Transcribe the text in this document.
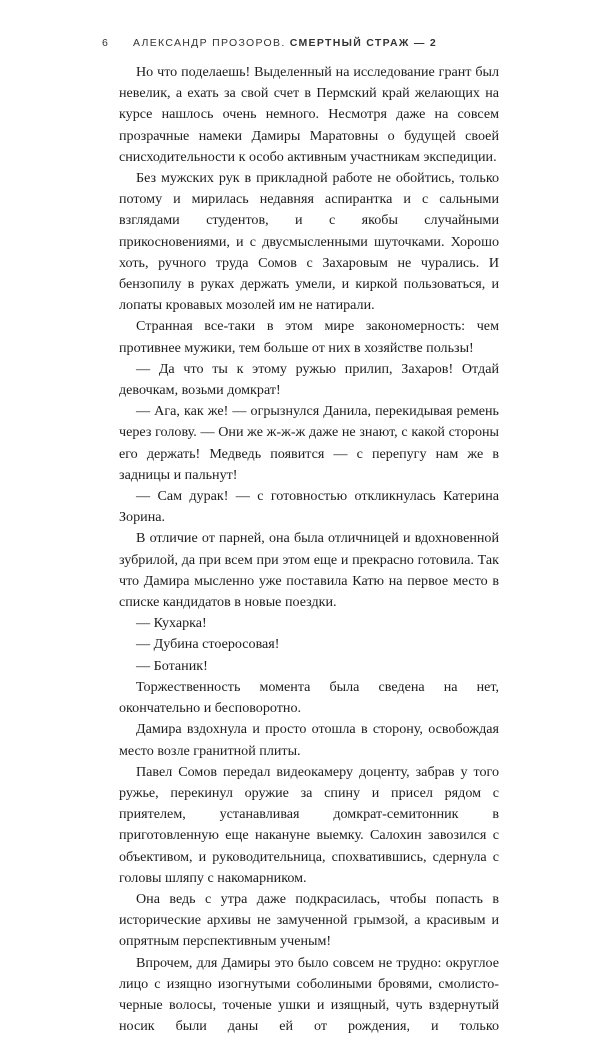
6 АЛЕКСАНДР ПРОЗОРОВ. СМЕРТНЫЙ СТРАЖ — 2

Но что поделаешь! Выделенный на исследование грант был невелик, а ехать за свой счет в Пермский край желающих на курсе нашлось очень немного. Несмотря даже на совсем прозрачные намеки Дамиры Маратовны о будущей своей снисходительности к особо активным участникам экспедиции.

Без мужских рук в прикладной работе не обойтись, только потому и мирилась недавняя аспирантка и с сальными взглядами студентов, и с якобы случайными прикосновениями, и с двусмысленными шуточками. Хорошо хоть, ручного труда Сомов с Захаровым не чурались. И бензопилу в руках держать умели, и киркой пользоваться, и лопаты кровавых мозолей им не натирали.

Странная все-таки в этом мире закономерность: чем противнее мужики, тем больше от них в хозяйстве пользы!

— Да что ты к этому ружью прилип, Захаров! Отдай девочкам, возьми домкрат!

— Ага, как же! — огрызнулся Данила, перекидывая ремень через голову. — Они же ж-ж-ж даже не знают, с какой стороны его держать! Медведь появится — с перепугу нам же в задницы и пальнут!

— Сам дурак! — с готовностью откликнулась Катерина Зорина.

В отличие от парней, она была отличницей и вдохновенной зубрилой, да при всем при этом еще и прекрасно готовила. Так что Дамира мысленно уже поставила Катю на первое место в списке кандидатов в новые поездки.

— Кухарка!

— Дубина стоеросовая!

— Ботаник!

Торжественность момента была сведена на нет, окончательно и бесповоротно.

Дамира вздохнула и просто отошла в сторону, освобождая место возле гранитной плиты.

Павел Сомов передал видеокамеру доценту, забрав у того ружье, перекинул оружие за спину и присел рядом с приятелем, устанавливая домкрат-семитонник в приготовленную еще накануне выемку. Салохин завозился с объективом, и руководительница, спохватившись, сдернула с головы шляпу с накомарником.

Она ведь с утра даже подкрасилась, чтобы попасть в исторические архивы не замученной грымзой, а красивым и опрятным перспективным ученым!

Впрочем, для Дамиры это было совсем не трудно: округлое лицо с изящно изогнутыми соболиными бровями, смолисто-черные волосы, точеные ушки и изящный, чуть вздернутый носик были даны ей от рождения, и только
